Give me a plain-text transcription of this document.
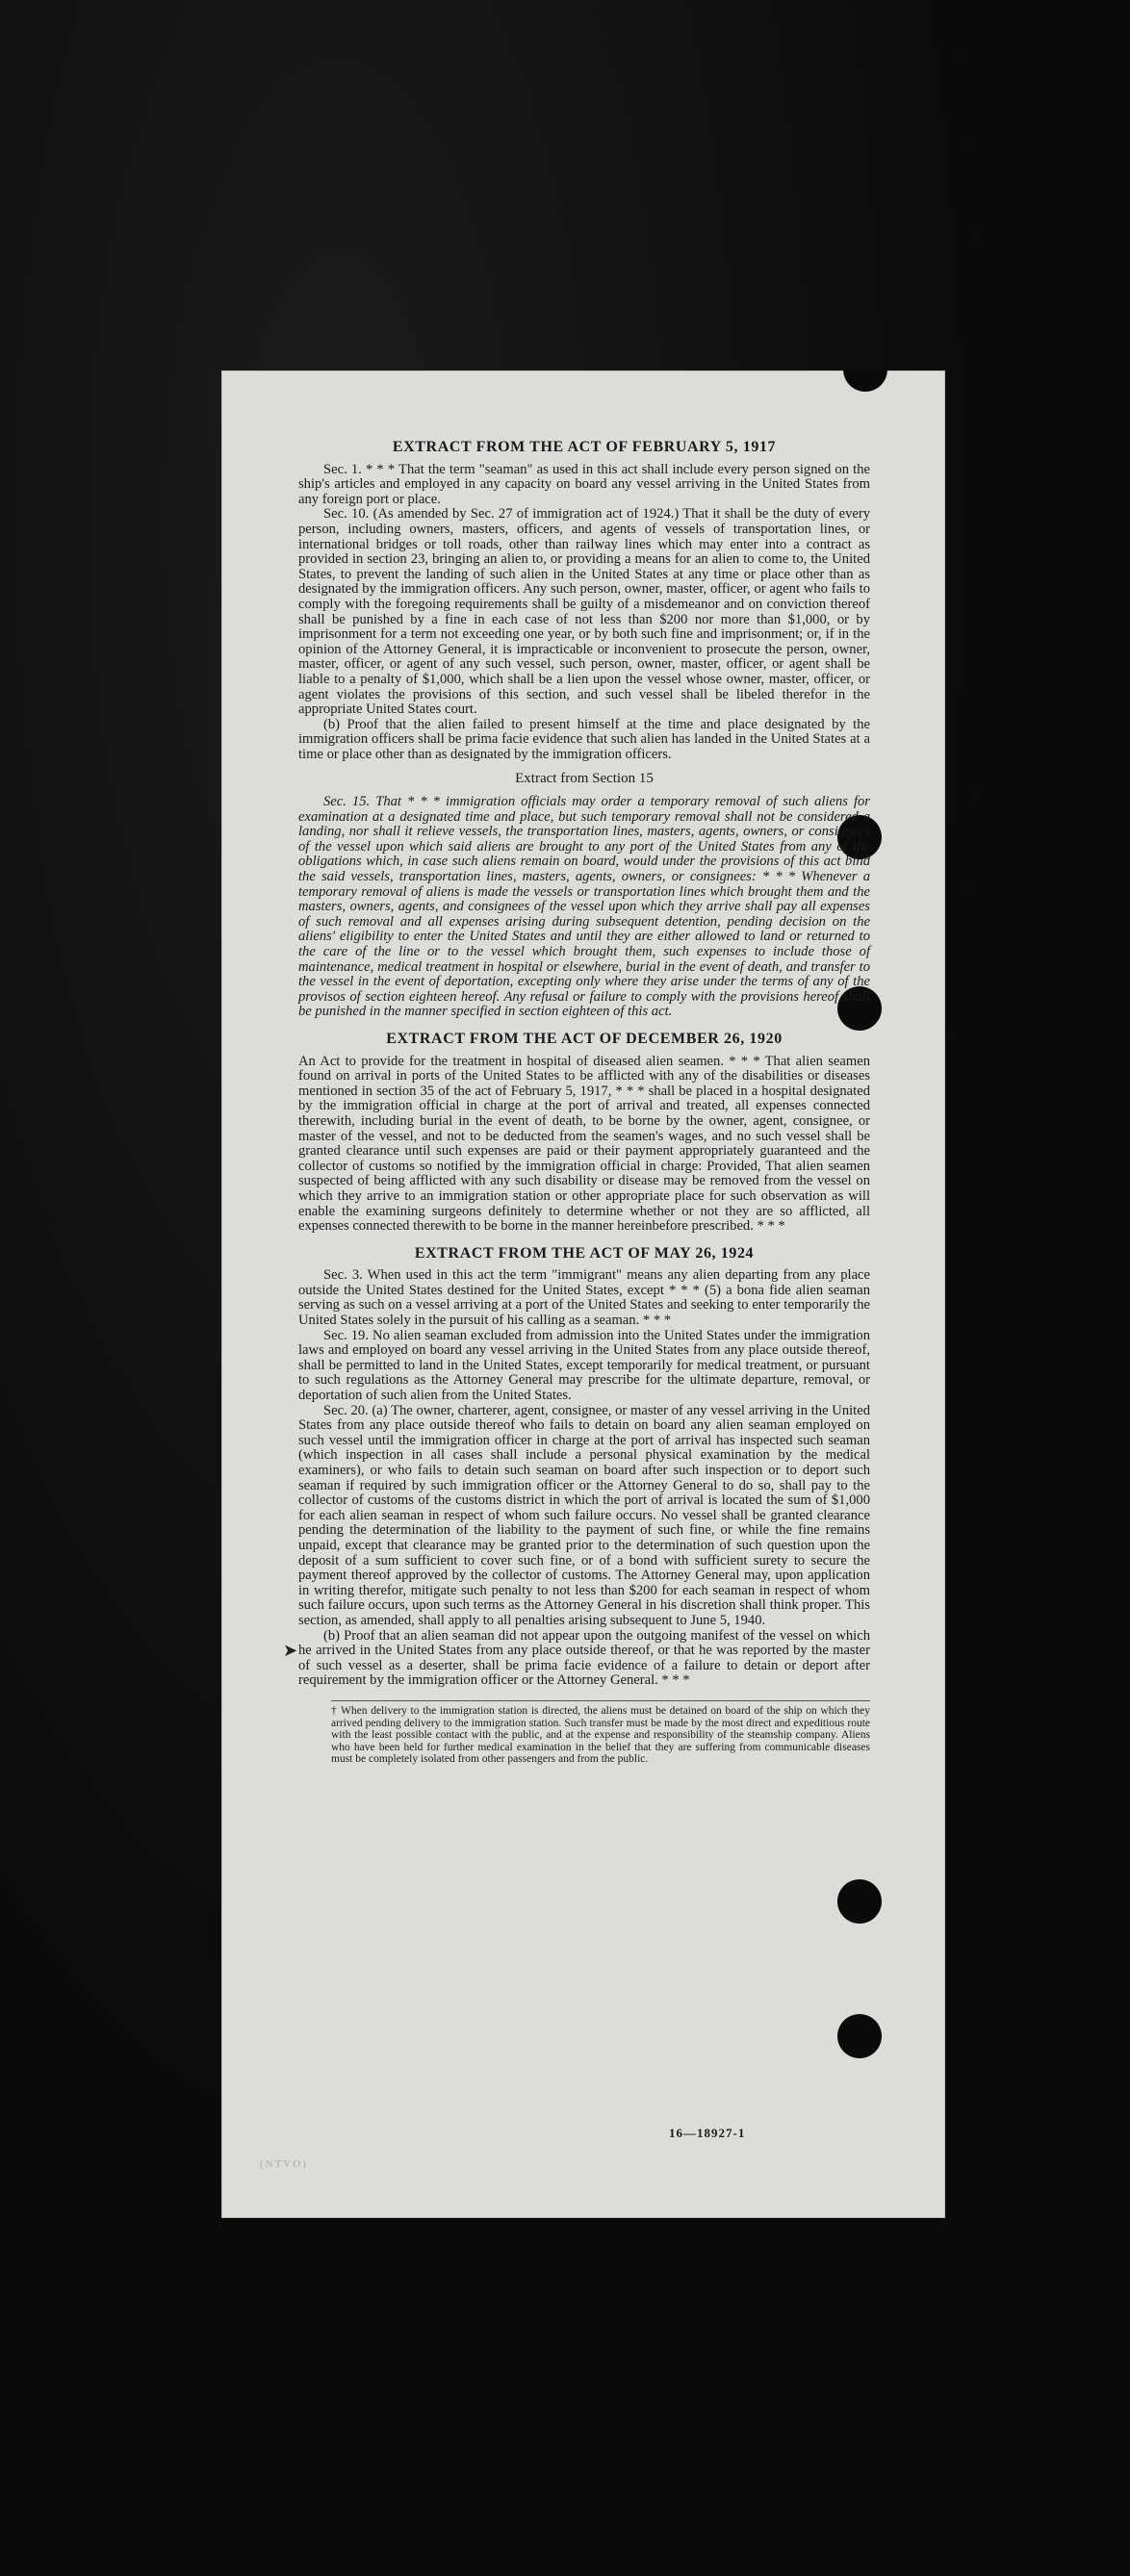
➤

EXTRACT FROM THE ACT OF FEBRUARY 5, 1917

Sec. 1. * * * That the term "seaman" as used in this act shall include every person signed on the ship's articles and employed in any capacity on board any vessel arriving in the United States from any foreign port or place.

Sec. 10. (As amended by Sec. 27 of immigration act of 1924.) That it shall be the duty of every person, including owners, masters, officers, and agents of vessels of transportation lines, or international bridges or toll roads, other than railway lines which may enter into a contract as provided in section 23, bringing an alien to, or providing a means for an alien to come to, the United States, to prevent the landing of such alien in the United States at any time or place other than as designated by the immigration officers. Any such person, owner, master, officer, or agent who fails to comply with the foregoing requirements shall be guilty of a misdemeanor and on conviction thereof shall be punished by a fine in each case of not less than $200 nor more than $1,000, or by imprisonment for a term not exceeding one year, or by both such fine and imprisonment; or, if in the opinion of the Attorney General, it is impracticable or inconvenient to prosecute the person, owner, master, officer, or agent of any such vessel, such person, owner, master, officer, or agent shall be liable to a penalty of $1,000, which shall be a lien upon the vessel whose owner, master, officer, or agent violates the provisions of this section, and such vessel shall be libeled therefor in the appropriate United States court.

(b) Proof that the alien failed to present himself at the time and place designated by the immigration officers shall be prima facie evidence that such alien has landed in the United States at a time or place other than as designated by the immigration officers.

Extract from Section 15

Sec. 15. That * * * immigration officials may order a temporary removal of such aliens for examination at a designated time and place, but such temporary removal shall not be considered a landing, nor shall it relieve vessels, the transportation lines, masters, agents, owners, or consignees of the vessel upon which said aliens are brought to any port of the United States from any of the obligations which, in case such aliens remain on board, would under the provisions of this act bind the said vessels, transportation lines, masters, agents, owners, or consignees: * * * Whenever a temporary removal of aliens is made the vessels or transportation lines which brought them and the masters, owners, agents, and consignees of the vessel upon which they arrive shall pay all expenses of such removal and all expenses arising during subsequent detention, pending decision on the aliens' eligibility to enter the United States and until they are either allowed to land or returned to the care of the line or to the vessel which brought them, such expenses to include those of maintenance, medical treatment in hospital or elsewhere, burial in the event of death, and transfer to the vessel in the event of deportation, excepting only where they arise under the terms of any of the provisos of section eighteen hereof. Any refusal or failure to comply with the provisions hereof shall be punished in the manner specified in section eighteen of this act.

EXTRACT FROM THE ACT OF DECEMBER 26, 1920

An Act to provide for the treatment in hospital of diseased alien seamen. * * * That alien seamen found on arrival in ports of the United States to be afflicted with any of the disabilities or diseases mentioned in section 35 of the act of February 5, 1917, * * * shall be placed in a hospital designated by the immigration official in charge at the port of arrival and treated, all expenses connected therewith, including burial in the event of death, to be borne by the owner, agent, consignee, or master of the vessel, and not to be deducted from the seamen's wages, and no such vessel shall be granted clearance until such expenses are paid or their payment appropriately guaranteed and the collector of customs so notified by the immigration official in charge: Provided, That alien seamen suspected of being afflicted with any such disability or disease may be removed from the vessel on which they arrive to an immigration station or other appropriate place for such observation as will enable the examining surgeons definitely to determine whether or not they are so afflicted, all expenses connected therewith to be borne in the manner hereinbefore prescribed. * * *

EXTRACT FROM THE ACT OF MAY 26, 1924

Sec. 3. When used in this act the term "immigrant" means any alien departing from any place outside the United States destined for the United States, except * * * (5) a bona fide alien seaman serving as such on a vessel arriving at a port of the United States and seeking to enter temporarily the United States solely in the pursuit of his calling as a seaman. * * *

Sec. 19. No alien seaman excluded from admission into the United States under the immigration laws and employed on board any vessel arriving in the United States from any place outside thereof, shall be permitted to land in the United States, except temporarily for medical treatment, or pursuant to such regulations as the Attorney General may prescribe for the ultimate departure, removal, or deportation of such alien from the United States.

Sec. 20. (a) The owner, charterer, agent, consignee, or master of any vessel arriving in the United States from any place outside thereof who fails to detain on board any alien seaman employed on such vessel until the immigration officer in charge at the port of arrival has inspected such seaman (which inspection in all cases shall include a personal physical examination by the medical examiners), or who fails to detain such seaman on board after such inspection or to deport such seaman if required by such immigration officer or the Attorney General to do so, shall pay to the collector of customs of the customs district in which the port of arrival is located the sum of $1,000 for each alien seaman in respect of whom such failure occurs. No vessel shall be granted clearance pending the determination of the liability to the payment of such fine, or while the fine remains unpaid, except that clearance may be granted prior to the determination of such question upon the deposit of a sum sufficient to cover such fine, or of a bond with sufficient surety to secure the payment thereof approved by the collector of customs. The Attorney General may, upon application in writing therefor, mitigate such penalty to not less than $200 for each seaman in respect of whom such failure occurs, upon such terms as the Attorney General in his discretion shall think proper. This section, as amended, shall apply to all penalties arising subsequent to June 5, 1940.

(b) Proof that an alien seaman did not appear upon the outgoing manifest of the vessel on which he arrived in the United States from any place outside thereof, or that he was reported by the master of such vessel as a deserter, shall be prima facie evidence of a failure to detain or deport after requirement by the immigration officer or the Attorney General. * * *

† When delivery to the immigration station is directed, the aliens must be detained on board of the ship on which they arrived pending delivery to the immigration station. Such transfer must be made by the most direct and expeditious route with the least possible contact with the public, and at the expense and responsibility of the steamship company. Aliens who have been held for further medical examination in the belief that they are suffering from communicable diseases must be completely isolated from other passengers and from the public.

16—18927-1
(NTVO)
